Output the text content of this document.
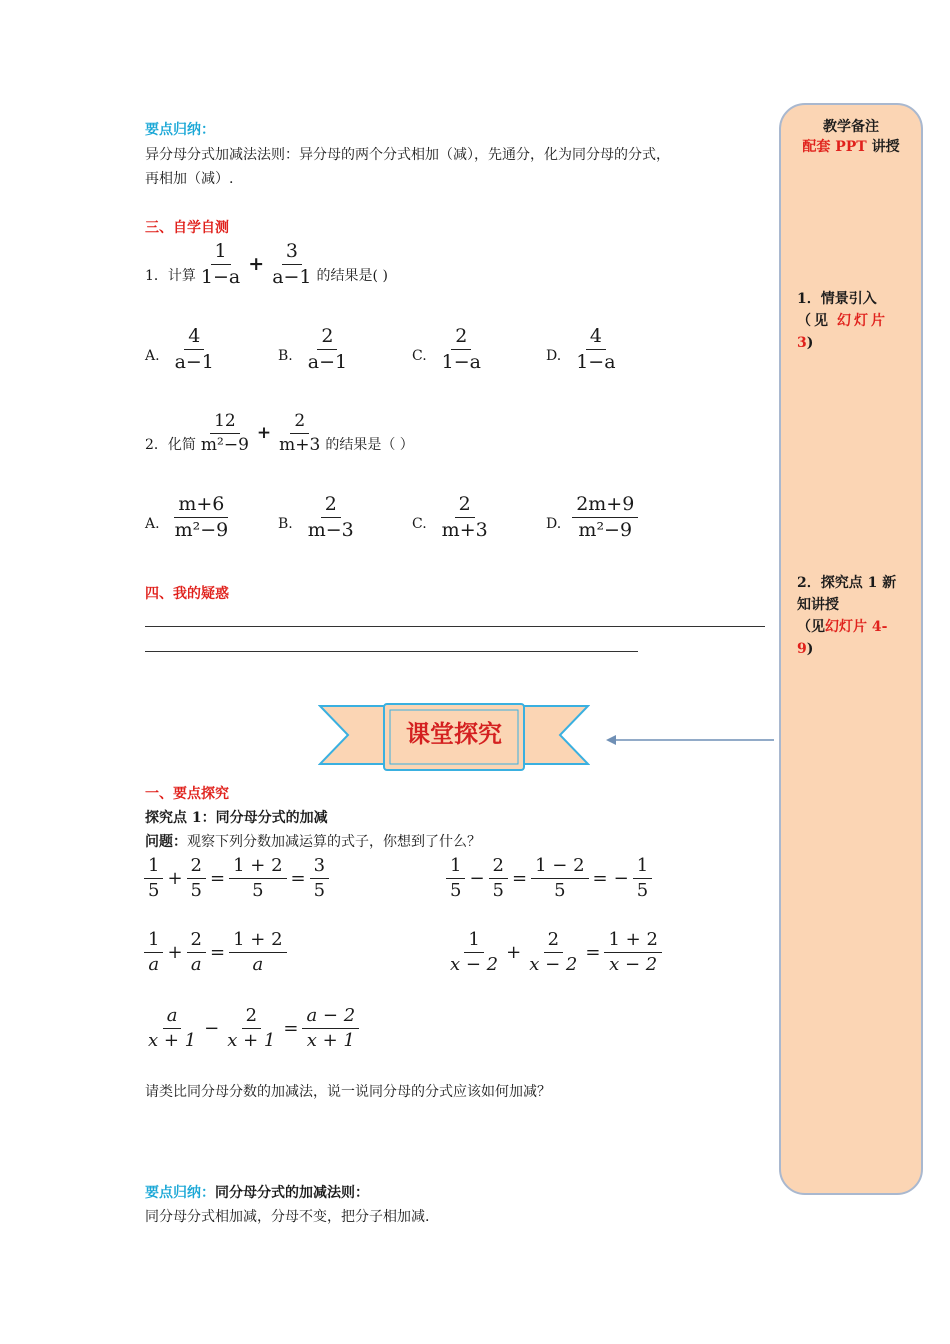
要点归纳：
异分母分式加减法法则：异分母的两个分式相加（减），先通分，化为同分母的分式，
再相加（减）.
三、自学自测
1．计算 $\frac{1}{1-a} + \frac{3}{a-1}$ 的结果是( )
A. $\frac{4}{a-1}$	B. $\frac{2}{a-1}$	C. $\frac{2}{1-a}$	D. $\frac{4}{1-a}$
2．化简 $\frac{12}{\text{m²−9}} + \frac{2}{m+3}$ 的结果是（ ）
A. $\frac{m+6}{\text{m²−9}}$	B. $\frac{2}{m-3}$	C. $\frac{2}{m+3}$	D. $\frac{2m+9}{\text{m²−9}}$
四、我的疑惑
课堂探究
一、要点探究
探究点 1：同分母分式的加减
问题：观察下列分数加减运算的式子，你想到了什么？
$\frac{1}{5} + \frac{2}{5} = \frac{1 + 2}{5} = \frac{3}{5}$	$\frac{1}{5} - \frac{2}{5} = \frac{1 - 2}{5}$ = − $\frac{1}{5}$
$\frac{1}{a} + \frac{2}{a} = \frac{1 + 2}{a}$	$\frac{1}{x - 2} + \frac{2}{x - 2} = \frac{1 + 2}{x - 2}$
$\frac{a}{x + 1} - \frac{2}{x + 1} = \frac{a - 2}{x + 1}$
请类比同分母分数的加减法，说一说同分母的分式应该如何加减？
要点归纳：同分母分式的加减法则：
同分母分式相加减，分母不变，把分子相加减.
教学备注
配套 PPT 讲授
1．情景引入
（见 幻灯片
3)
2．探究点 1 新
知讲授
（见幻灯片 4-
9)
